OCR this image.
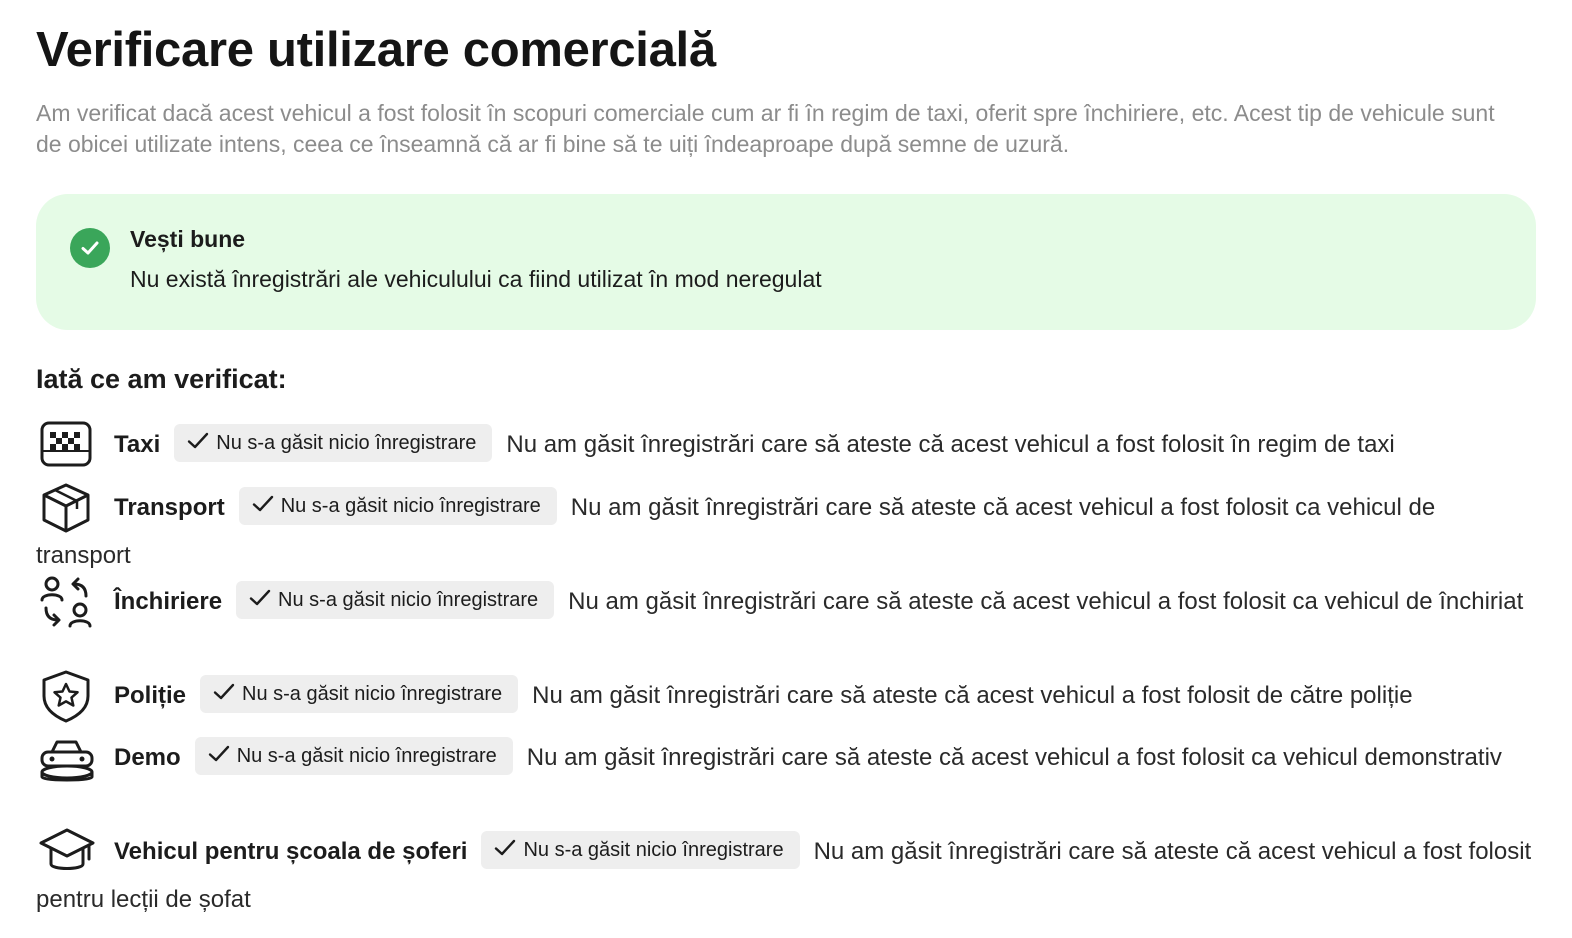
Verificare utilizare comercială

Am verificat dacă acest vehicul a fost folosit în scopuri comerciale cum ar fi în regim de taxi, oferit spre închiriere, etc. Acest tip de vehicule sunt de obicei utilizate intens, ceea ce înseamnă că ar fi bine să te uiți îndeaproape după semne de uzură.

Vești bune
Nu există înregistrări ale vehiculului ca fiind utilizat în mod neregulat
Iată ce am verificat:
Taxi	Nu s-a găsit nicio înregistrare Nu am găsit înregistrări care să ateste că acest vehicul a fost folosit în regim de taxi
Transport	Nu s-a găsit nicio înregistrare Nu am găsit înregistrări care să ateste că acest vehicul a fost folosit ca vehicul de transport
Închiriere	Nu s-a găsit nicio înregistrare Nu am găsit înregistrări care să ateste că acest vehicul a fost folosit ca vehicul de închiriat
Poliție	Nu s-a găsit nicio înregistrare Nu am găsit înregistrări care să ateste că acest vehicul a fost folosit de către poliție
Demo	Nu s-a găsit nicio înregistrare Nu am găsit înregistrări care să ateste că acest vehicul a fost folosit ca vehicul demonstrativ
Vehicul pentru școala de șoferi	Nu s-a găsit nicio înregistrare Nu am găsit înregistrări care să ateste că acest vehicul a fost folosit pentru lecții de șofat
